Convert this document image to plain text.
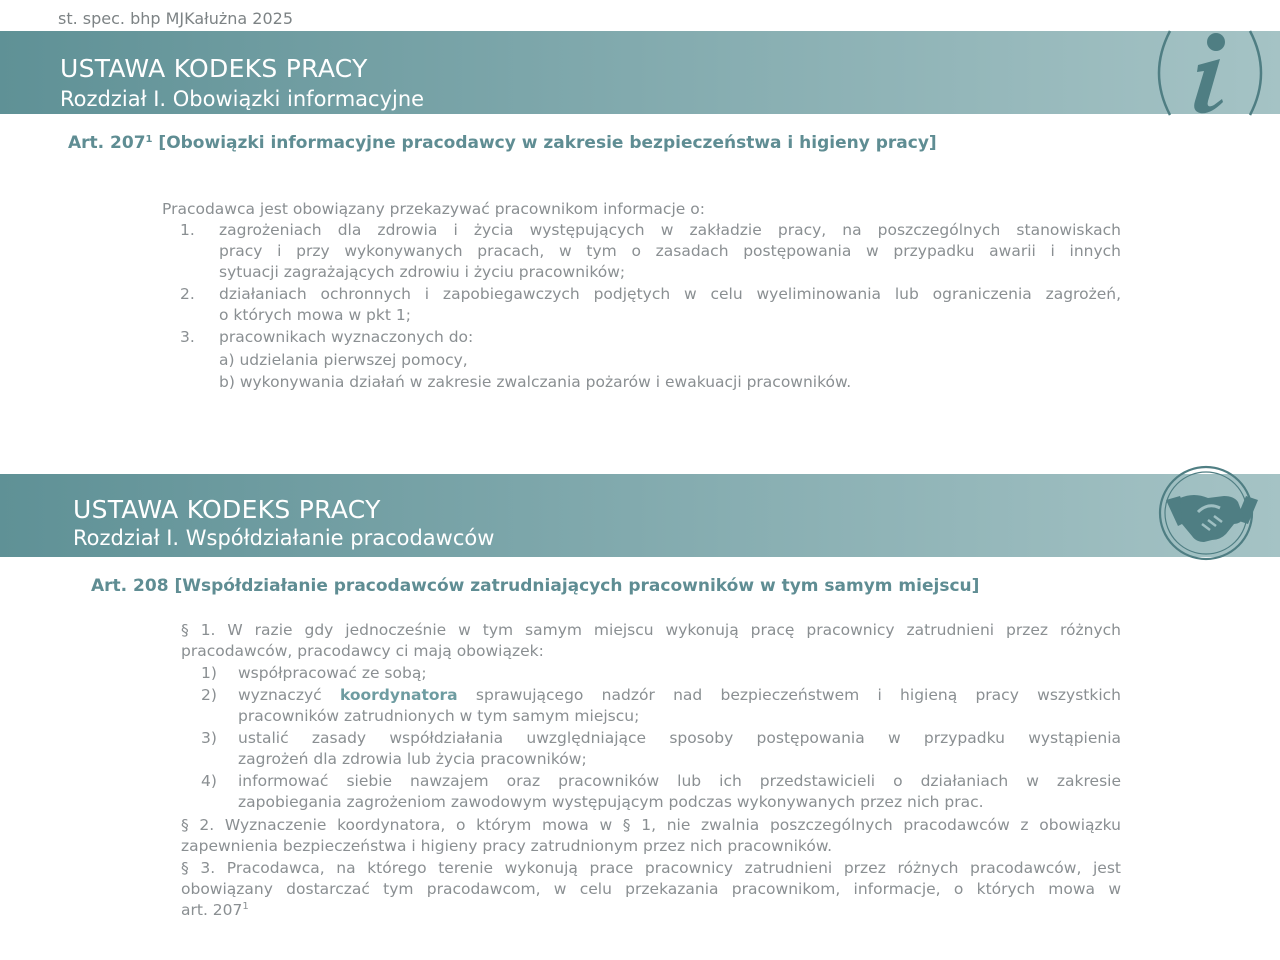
st. spec. bhp MJKałużna 2025
USTAWA KODEKS PRACY
Rozdział I. Obowiązki informacyjne
Art. $207^1$ [Obowiązki informacyjne pracodawcy w zakresie bezpieczeństwa i higieny pracy]
Pracodawca jest obowiązany przekazywać pracownikom informacje o:
1. zagrożeniach dla zdrowia i życia występujących w zakładzie pracy, na poszczególnych stanowiskach
pracy i przy wykonywanych pracach, w tym o zasadach postępowania w przypadku awarii i innych
sytuacji zagrażających zdrowiu i życiu pracowników;
2. działaniach ochronnych i zapobiegawczych podjętych w celu wyeliminowania lub ograniczenia zagrożeń,
o których mowa w pkt 1;
3. pracownikach wyznaczonych do:
a) udzielania pierwszej pomocy,
b) wykonywania działań w zakresie zwalczania pożarów i ewakuacji pracowników.
USTAWA KODEKS PRACY
Rozdział I. Współdziałanie pracodawców
Art. 208 [Współdziałanie pracodawców zatrudniających pracowników w tym samym miejscu]
§ 1. W razie gdy jednocześnie w tym samym miejscu wykonują pracę pracownicy zatrudnieni przez różnych
pracodawców, pracodawcy ci mają obowiązek:
1) współpracować ze sobą;
2) wyznaczyć koordynatora sprawującego nadzór nad bezpieczeństwem i higieną pracy wszystkich
pracowników zatrudnionych w tym samym miejscu;
3) ustalić zasady współdziałania uwzględniające sposoby postępowania w przypadku wystąpienia
zagrożeń dla zdrowia lub życia pracowników;
4) informować siebie nawzajem oraz pracowników lub ich przedstawicieli o działaniach w zakresie
zapobiegania zagrożeniom zawodowym występującym podczas wykonywanych przez nich prac.
§ 2. Wyznaczenie koordynatora, o którym mowa w § 1, nie zwalnia poszczególnych pracodawców z obowiązku
zapewnienia bezpieczeństwa i higieny pracy zatrudnionym przez nich pracowników.
§ 3. Pracodawca, na którego terenie wykonują prace pracownicy zatrudnieni przez różnych pracodawców, jest
obowiązany dostarczać tym pracodawcom, w celu przekazania pracownikom, informacje, o których mowa w
art. $207^1$
